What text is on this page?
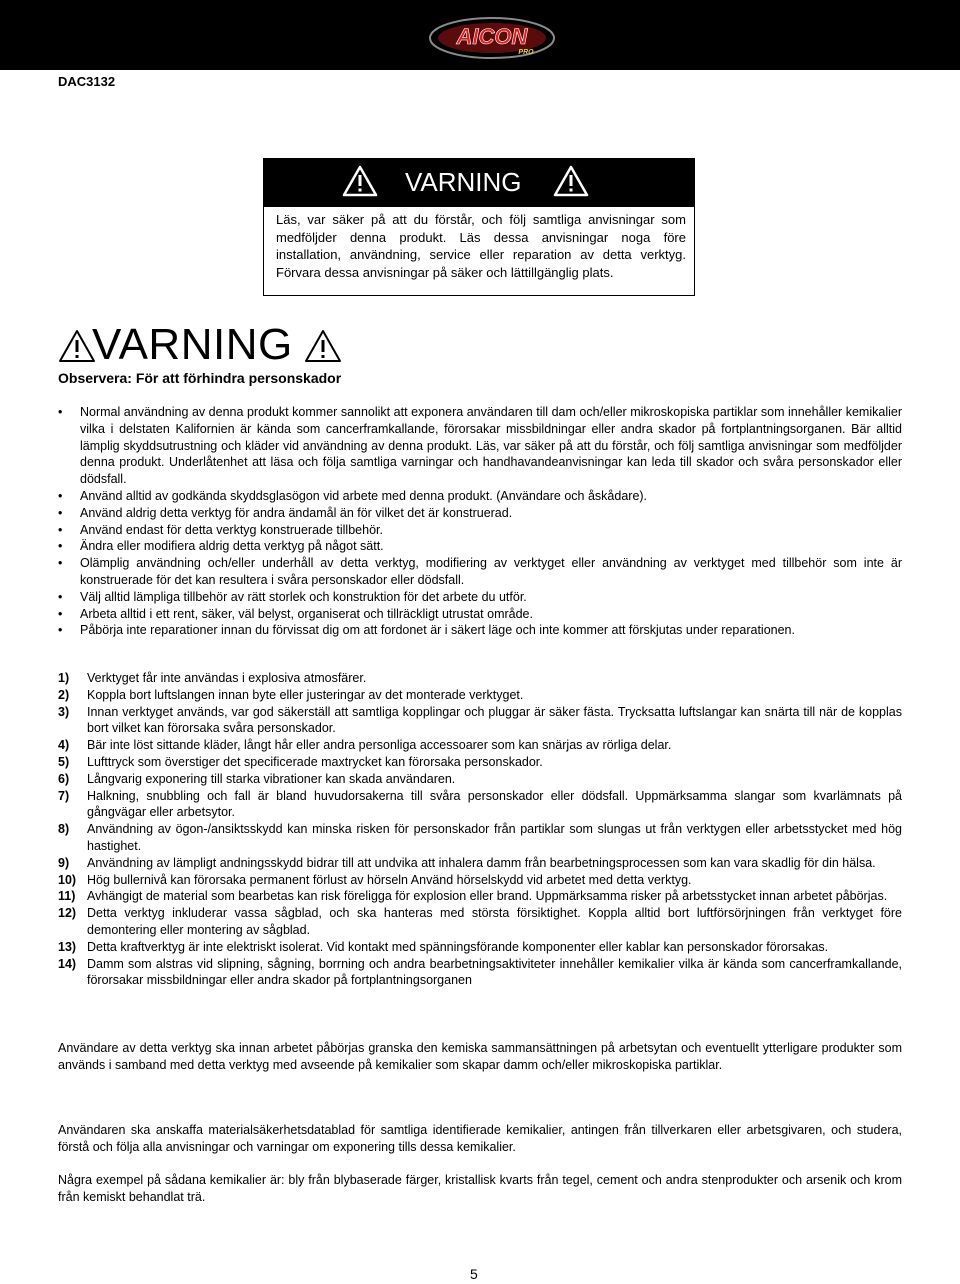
AICON
PRO
DAC3132
VARNING
Läs, var säker på att du förstår, och följ samtliga anvisningar som medföljder denna produkt. Läs dessa anvisningar noga före installation, användning, service eller reparation av detta verktyg. Förvara dessa anvisningar på säker och lättillgänglig plats.
VARNING
Observera: För att förhindra personskador
• Normal användning av denna produkt kommer sannolikt att exponera användaren till dam och/eller mikroskopiska partiklar som innehåller kemikalier vilka i delstaten Kalifornien är kända som cancerframkallande, förorsakar missbildningar eller andra skador på fortplantningsorganen. Bär alltid lämplig skyddsutrustning och kläder vid användning av denna produkt. Läs, var säker på att du förstår, och följ samtliga anvisningar som medföljder denna produkt. Underlåtenhet att läsa och följa samtliga varningar och handhavandeanvisningar kan leda till skador och svåra personskador eller dödsfall.
• Använd alltid av godkända skyddsglasögon vid arbete med denna produkt. (Användare och åskådare).
• Använd aldrig detta verktyg för andra ändamål än för vilket det är konstruerad.
• Använd endast för detta verktyg konstruerade tillbehör.
• Ändra eller modifiera aldrig detta verktyg på något sätt.
• Olämplig användning och/eller underhåll av detta verktyg, modifiering av verktyget eller användning av verktyget med tillbehör som inte är konstruerade för det kan resultera i svåra personskador eller dödsfall.
• Välj alltid lämpliga tillbehör av rätt storlek och konstruktion för det arbete du utför.
• Arbeta alltid i ett rent, säker, väl belyst, organiserat och tillräckligt utrustat område.
• Påbörja inte reparationer innan du förvissat dig om att fordonet är i säkert läge och inte kommer att förskjutas under reparationen.
1) Verktyget får inte användas i explosiva atmosfärer.
2) Koppla bort luftslangen innan byte eller justeringar av det monterade verktyget.
3) Innan verktyget används, var god säkerställ att samtliga kopplingar och pluggar är säker fästa. Trycksatta luftslangar kan snärta till när de kopplas bort vilket kan förorsaka svåra personskador.
4) Bär inte löst sittande kläder, långt hår eller andra personliga accessoarer som kan snärjas av rörliga delar.
5) Lufttryck som överstiger det specificerade maxtrycket kan förorsaka personskador.
6) Långvarig exponering till starka vibrationer kan skada användaren.
7) Halkning, snubbling och fall är bland huvudorsakerna till svåra personskador eller dödsfall. Uppmärksamma slangar som kvarlämnats på gångvägar eller arbetsytor.
8) Användning av ögon-/ansiktsskydd kan minska risken för personskador från partiklar som slungas ut från verktygen eller arbetsstycket med hög hastighet.
9) Användning av lämpligt andningsskydd bidrar till att undvika att inhalera damm från bearbetningsprocessen som kan vara skadlig för din hälsa.
10) Hög bullernivå kan förorsaka permanent förlust av hörseln Använd hörselskydd vid arbetet med detta verktyg.
11) Avhängigt de material som bearbetas kan risk föreligga för explosion eller brand. Uppmärksamma risker på arbetsstycket innan arbetet påbörjas.
12) Detta verktyg inkluderar vassa sågblad, och ska hanteras med största försiktighet. Koppla alltid bort luftförsörjningen från verktyget före demontering eller montering av sågblad.
13) Detta kraftverktyg är inte elektriskt isolerat. Vid kontakt med spänningsförande komponenter eller kablar kan personskador förorsakas.
14) Damm som alstras vid slipning, sågning, borrning och andra bearbetningsaktiviteter innehåller kemikalier vilka är kända som cancerframkallande, förorsakar missbildningar eller andra skador på fortplantningsorganen

Användare av detta verktyg ska innan arbetet påbörjas granska den kemiska sammansättningen på arbetsytan och eventuellt ytterligare produkter som används i samband med detta verktyg med avseende på kemikalier som skapar damm och/eller mikroskopiska partiklar.

Användaren ska anskaffa materialsäkerhetsdatablad för samtliga identifierade kemikalier, antingen från tillverkaren eller arbetsgivaren, och studera, förstå och följa alla anvisningar och varningar om exponering tills dessa kemikalier.

Några exempel på sådana kemikalier är: bly från blybaserade färger, kristallisk kvarts från tegel, cement och andra stenprodukter och arsenik och krom från kemiskt behandlat trä.

5
